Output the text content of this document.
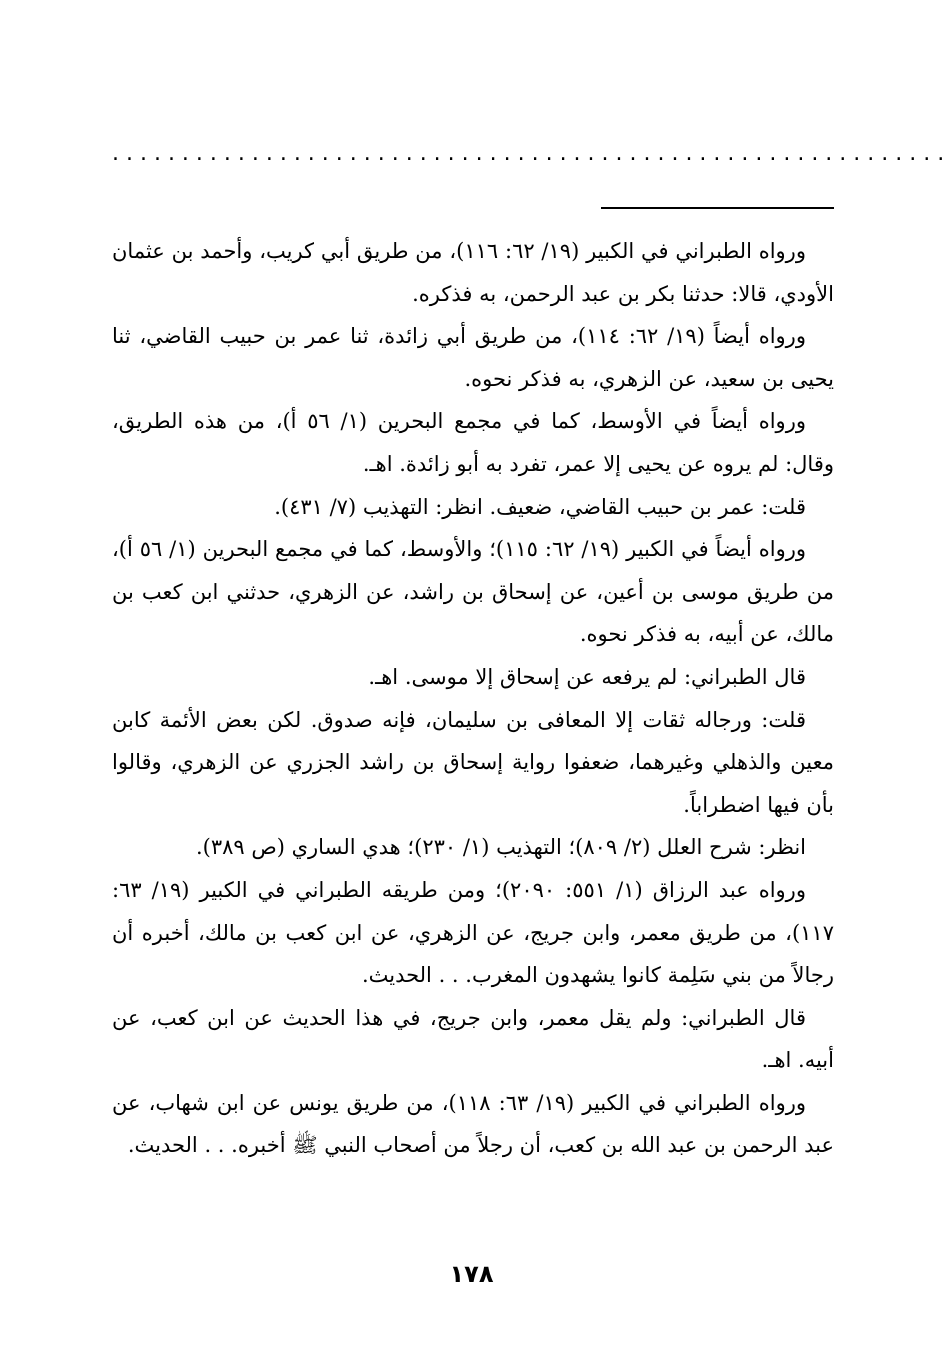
. . . . . . . . . . . . . . . . . . . . . . . . . . . . . . . . . . . . . . . . . . . . . . . . . . . . . . . . . . . .

ورواه الطبراني في الكبير (١٩/ ٦٢: ١١٦)، من طريق أبي كريب، وأحمد بن عثمان الأودي، قالا: حدثنا بكر بن عبد الرحمن، به فذكره.

ورواه أيضاً (١٩/ ٦٢: ١١٤)، من طريق أبي زائدة، ثنا عمر بن حبيب القاضي، ثنا يحيى بن سعيد، عن الزهري، به فذكر نحوه.

ورواه أيضاً في الأوسط، كما في مجمع البحرين (١/ ٥٦ أ)، من هذه الطريق، وقال: لم يروه عن يحيى إلا عمر، تفرد به أبو زائدة. اهـ.

قلت: عمر بن حبيب القاضي، ضعيف. انظر: التهذيب (٧/ ٤٣١).

ورواه أيضاً في الكبير (١٩/ ٦٢: ١١٥)؛ والأوسط، كما في مجمع البحرين (١/ ٥٦ أ)، من طريق موسى بن أعين، عن إسحاق بن راشد، عن الزهري، حدثني ابن كعب بن مالك، عن أبيه، به فذكر نحوه.

قال الطبراني: لم يرفعه عن إسحاق إلا موسى. اهـ.

قلت: ورجاله ثقات إلا المعافى بن سليمان، فإنه صدوق. لكن بعض الأئمة كابن معين والذهلي وغيرهما، ضعفوا رواية إسحاق بن راشد الجزري عن الزهري، وقالوا بأن فيها اضطراباً.

انظر: شرح العلل (٢/ ٨٠٩)؛ التهذيب (١/ ٢٣٠)؛ هدي الساري (ص ٣٨٩).

ورواه عبد الرزاق (١/ ٥٥١: ٢٠٩٠)؛ ومن طريقه الطبراني في الكبير (١٩/ ٦٣: ١١٧)، من طريق معمر، وابن جريج، عن الزهري، عن ابن كعب بن مالك، أخبره أن رجالاً من بني سَلِمة كانوا يشهدون المغرب. . . الحديث.

قال الطبراني: ولم يقل معمر، وابن جريج، في هذا الحديث عن ابن كعب، عن أبيه. اهـ.

ورواه الطبراني في الكبير (١٩/ ٦٣: ١١٨)، من طريق يونس عن ابن شهاب، عن عبد الرحمن بن عبد الله بن كعب، أن رجلاً من أصحاب النبي ﷺ أخبره. . . الحديث.

١٧٨
